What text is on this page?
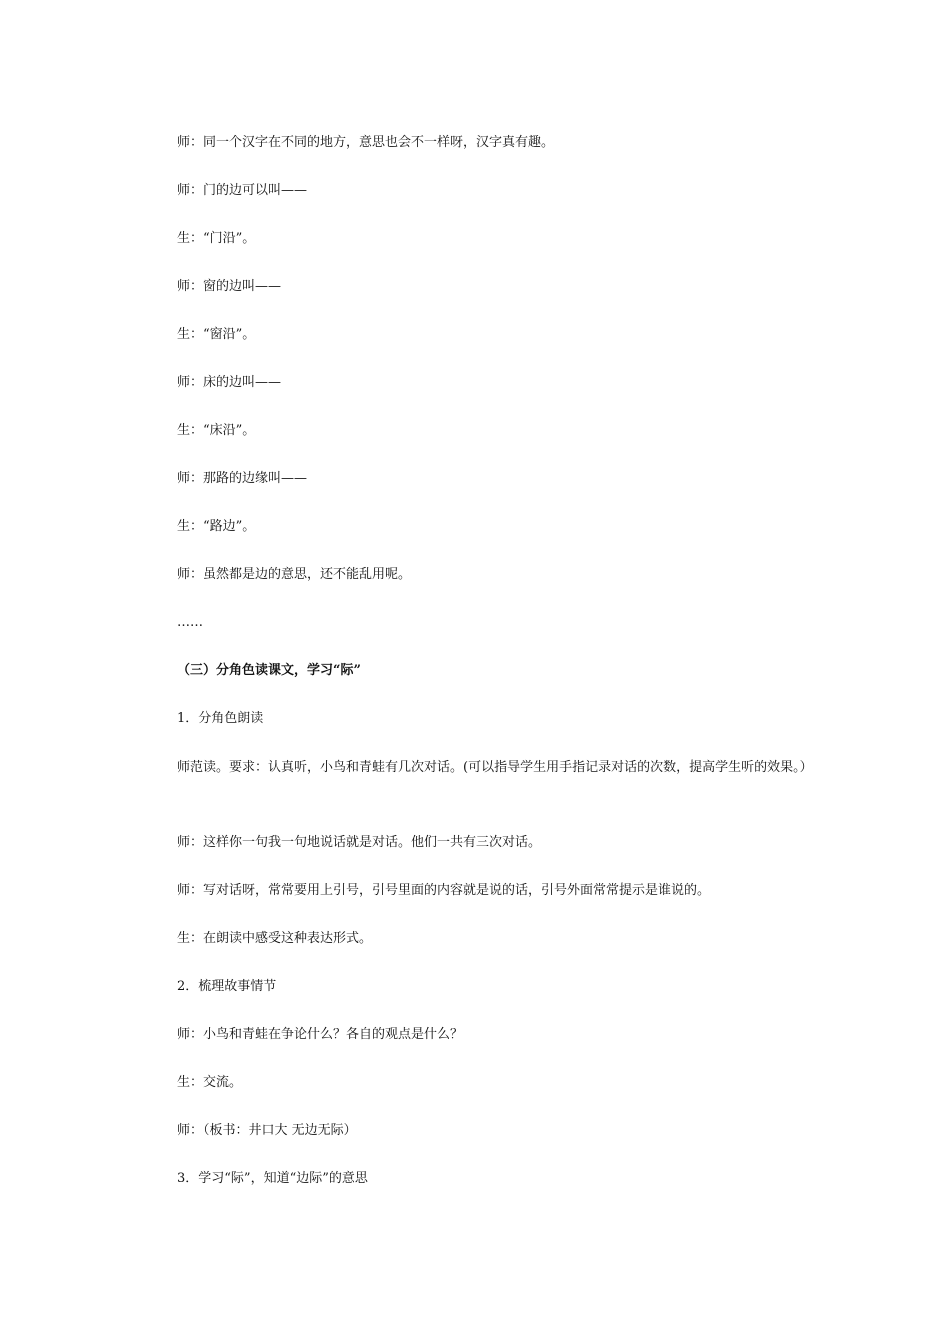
师：同一个汉字在不同的地方，意思也会不一样呀，汉字真有趣。
师：门的边可以叫——
生：“门沿”。
师：窗的边叫——
生：“窗沿”。
师：床的边叫——
生：“床沿”。
师：那路的边缘叫——
生：“路边”。
师：虽然都是边的意思，还不能乱用呢。
……
（三）分角色读课文，学习“际”
1．分角色朗读
师范读。要求：认真听，小鸟和青蛙有几次对话。(可以指导学生用手指记录对话的次数，提高学生听的效果。）
师：这样你一句我一句地说话就是对话。他们一共有三次对话。
师：写对话呀，常常要用上引号，引号里面的内容就是说的话，引号外面常常提示是谁说的。
生：在朗读中感受这种表达形式。
2．梳理故事情节
师：小鸟和青蛙在争论什么？各自的观点是什么？
生：交流。
师：（板书：井口大 无边无际）
3．学习“际”，知道“边际”的意思
